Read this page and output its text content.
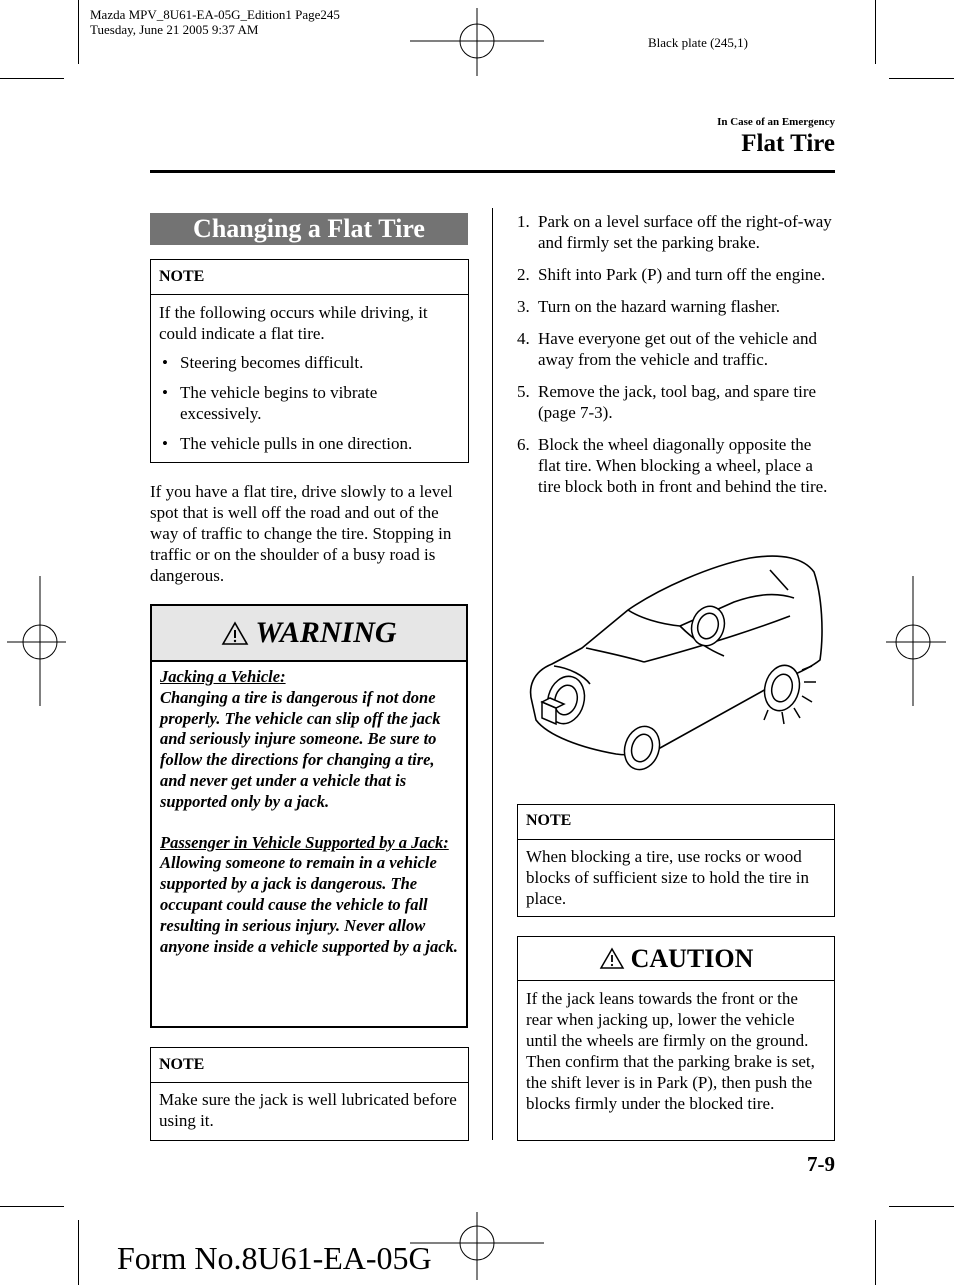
Mazda MPV_8U61-EA-05G_Edition1 Page245
Tuesday, June 21 2005 9:37 AM
Black plate (245,1)
In Case of an Emergency
Flat Tire
Changing a Flat Tire
NOTE
If the following occurs while driving, it could indicate a flat tire.
• Steering becomes difficult.
• The vehicle begins to vibrate excessively.
• The vehicle pulls in one direction.
If you have a flat tire, drive slowly to a level spot that is well off the road and out of the way of traffic to change the tire. Stopping in traffic or on the shoulder of a busy road is dangerous.
WARNING
Jacking a Vehicle:
Changing a tire is dangerous if not done properly. The vehicle can slip off the jack and seriously injure someone. Be sure to follow the directions for changing a tire, and never get under a vehicle that is supported only by a jack.
Passenger in Vehicle Supported by a Jack:
Allowing someone to remain in a vehicle supported by a jack is dangerous. The occupant could cause the vehicle to fall resulting in serious injury. Never allow anyone inside a vehicle supported by a jack.
NOTE
Make sure the jack is well lubricated before using it.
1. Park on a level surface off the right-of-way and firmly set the parking brake.
2. Shift into Park (P) and turn off the engine.
3. Turn on the hazard warning flasher.
4. Have everyone get out of the vehicle and away from the vehicle and traffic.
5. Remove the jack, tool bag, and spare tire (page 7-3).
6. Block the wheel diagonally opposite the flat tire. When blocking a wheel, place a tire block both in front and behind the tire.
NOTE
When blocking a tire, use rocks or wood blocks of sufficient size to hold the tire in place.
CAUTION
If the jack leans towards the front or the rear when jacking up, lower the vehicle until the wheels are firmly on the ground. Then confirm that the parking brake is set, the shift lever is in Park (P), then push the blocks firmly under the blocked tire.
7-9
Form No.8U61-EA-05G
